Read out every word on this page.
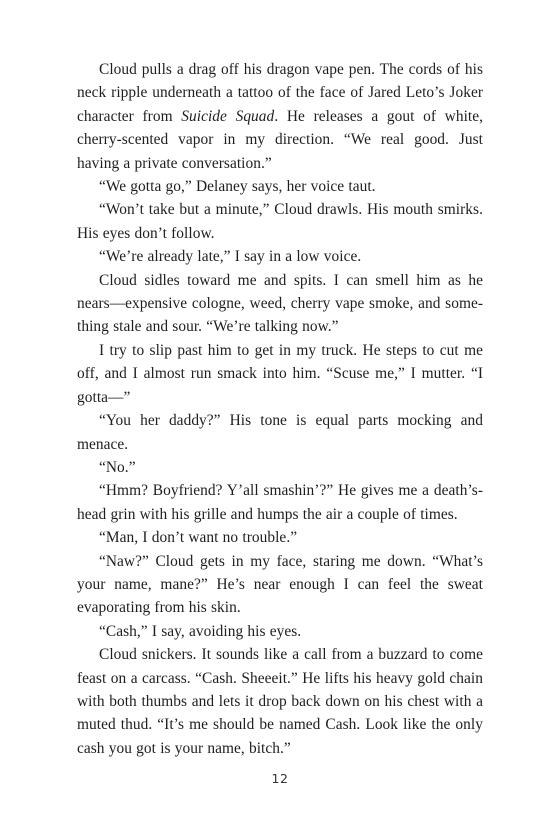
Cloud pulls a drag off his dragon vape pen. The cords of his neck ripple underneath a tattoo of the face of Jared Leto’s Joker character from Suicide Squad. He releases a gout of white, cherry-scented vapor in my direction. “We real good. Just having a private conversation.”

“We gotta go,” Delaney says, her voice taut.

“Won’t take but a minute,” Cloud drawls. His mouth smirks. His eyes don’t follow.

“We’re already late,” I say in a low voice.

Cloud sidles toward me and spits. I can smell him as he nears—expensive cologne, weed, cherry vape smoke, and something stale and sour. “We’re talking now.”

I try to slip past him to get in my truck. He steps to cut me off, and I almost run smack into him. “Scuse me,” I mutter. “I gotta—”

“You her daddy?” His tone is equal parts mocking and menace.

“No.”

“Hmm? Boyfriend? Y’all smashin’?” He gives me a death’s-head grin with his grille and humps the air a couple of times.

“Man, I don’t want no trouble.”

“Naw?” Cloud gets in my face, staring me down. “What’s your name, mane?” He’s near enough I can feel the sweat evaporating from his skin.

“Cash,” I say, avoiding his eyes.

Cloud snickers. It sounds like a call from a buzzard to come feast on a carcass. “Cash. Sheeeit.” He lifts his heavy gold chain with both thumbs and lets it drop back down on his chest with a muted thud. “It’s me should be named Cash. Look like the only cash you got is your name, bitch.”

12
